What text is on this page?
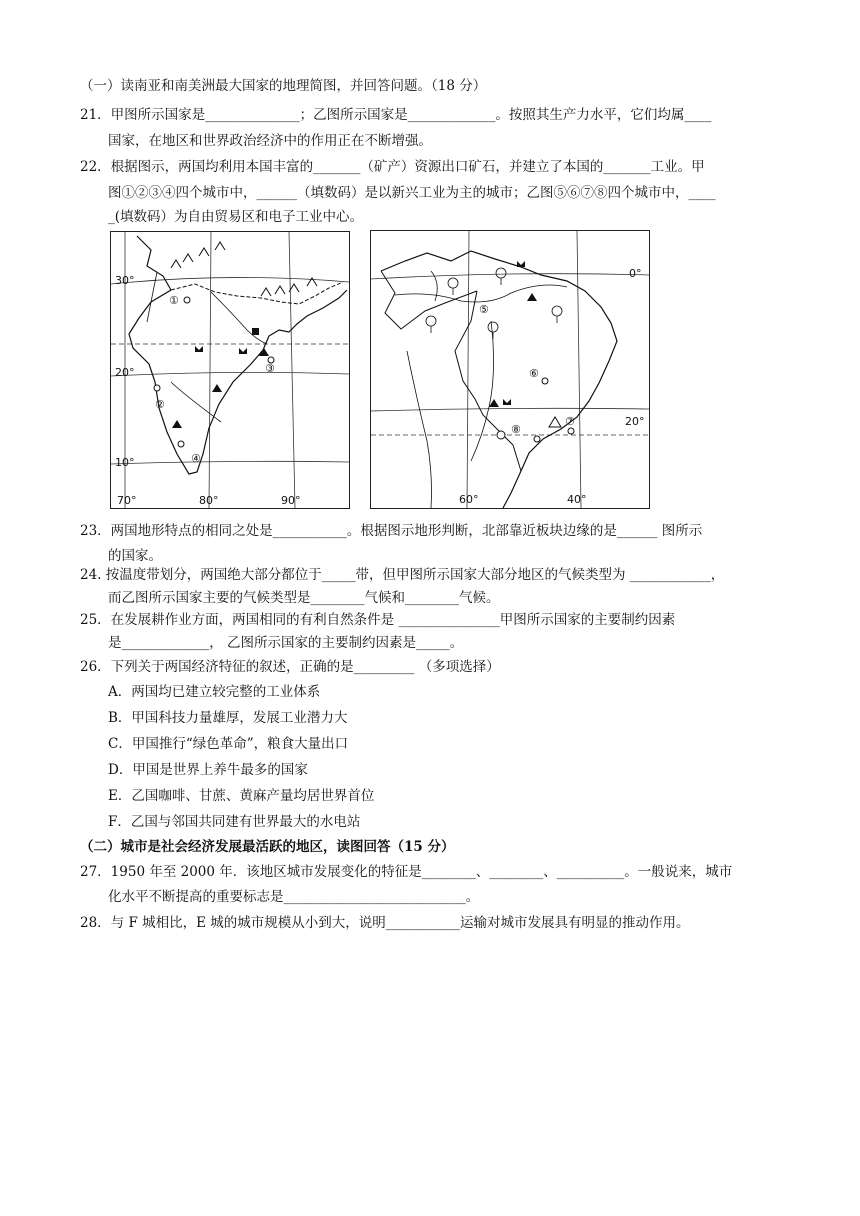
（一）读南亚和南美洲最大国家的地理简图，并回答问题。（18 分）
21．甲图所示国家是______________；乙图所示国家是_____________。按照其生产力水平，它们均属____
国家，在地区和世界政治经济中的作用正在不断增强。
22．根据图示，两国均利用本国丰富的_______（矿产）资源出口矿石，并建立了本国的_______工业。甲
图①②③④四个城市中，______（填数码）是以新兴工业为主的城市；乙图⑤⑥⑦⑧四个城市中，____
_(填数码）为自由贸易区和电子工业中心。
30°
20°
10°
70°	80°	90°
①
②
③
④
0°
20°
60°	40°
⑤
⑥
⑦
⑧
23．两国地形特点的相同之处是___________。根据图示地形判断，北部靠近板块边缘的是______ 图所示
的国家。
24. 按温度带划分，两国绝大部分都位于_____带，但甲图所示国家大部分地区的气候类型为 ____________，
而乙图所示国家主要的气候类型是________气候和________气候。
25．在发展耕作业方面，两国相同的有利自然条件是 _______________甲图所示国家的主要制约因素
是_____________， 乙图所示国家的主要制约因素是_____。
26．下列关于两国经济特征的叙述，正确的是_________ （多项选择）
A．两国均已建立较完整的工业体系
B．甲国科技力量雄厚，发展工业潜力大
C．甲国推行“绿色革命”，粮食大量出口
D．甲国是世界上养牛最多的国家
E．乙国咖啡、甘蔗、黄麻产量均居世界首位
F．乙国与邻国共同建有世界最大的水电站
（二）城市是社会经济发展最活跃的地区，读图回答（15 分）
27．1950 年至 2000 年．该地区城市发展变化的特征是________、________、__________。一般说来，城市
化水平不断提高的重要标志是___________________________。
28．与 F 城相比，E 城的城市规模从小到大，说明___________运输对城市发展具有明显的推动作用。
